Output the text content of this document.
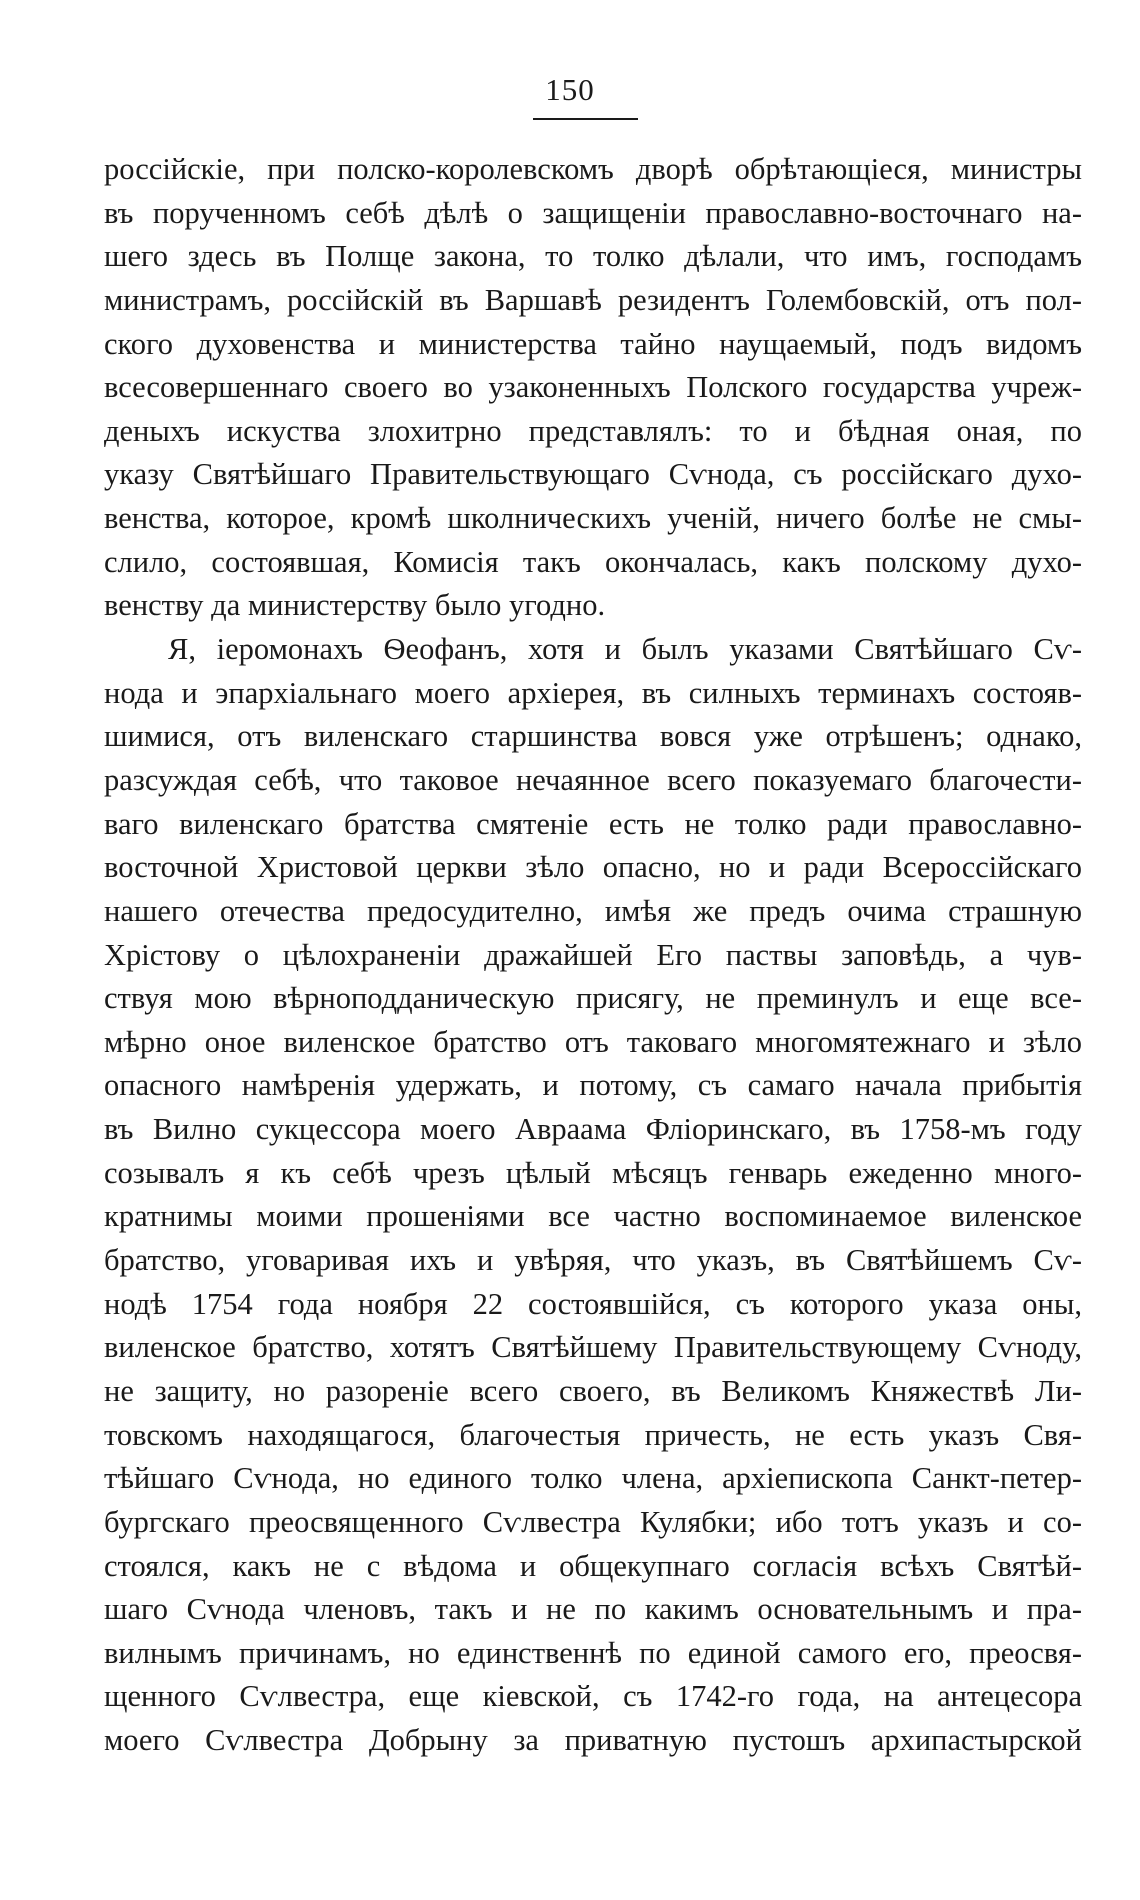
150
россійскіе, при полско-королевскомъ дворѣ обрѣтающіеся, министры
въ порученномъ себѣ дѣлѣ о защищеніи православно-восточнаго на-
шего здесь въ Полще закона, то толко дѣлали, что имъ, господамъ
министрамъ, россійскій въ Варшавѣ резидентъ Голембовскій, отъ пол-
ского духовенства и министерства тайно наущаемый, подъ видомъ
всесовершеннаго своего во узаконенныхъ Полского государства учреж-
деныхъ искуства злохитрно представлялъ: то и бѣдная оная, по
указу Святѣйшаго Правительствующаго Сѵнода, съ россійскаго духо-
венства, которое, кромѣ школническихъ ученій, ничего болѣе не смы-
слило, состоявшая, Комисія такъ окончалась, какъ полскому духо-
венству да министерству было угодно.
Я, іеромонахъ Ѳеофанъ, хотя и былъ указами Святѣйшаго Сѵ-
нода и эпархіальнаго моего архіерея, въ силныхъ терминахъ состояв-
шимися, отъ виленскаго старшинства вовся уже отрѣшенъ; однако,
разсуждая себѣ, что таковое нечаянное всего показуемаго благочести-
ваго виленскаго братства смятеніе есть не толко ради православно-
восточной Христовой церкви зѣло опасно, но и ради Всероссійскаго
нашего отечества предосудително, имѣя же предъ очима страшную
Хрістову о цѣлохраненіи дражайшей Его паствы заповѣдь, а чув-
ствуя мою вѣрноподданическую присягу, не преминулъ и еще все-
мѣрно оное виленское братство отъ таковаго многомятежнаго и зѣло
опасного намѣренія удержать, и потому, съ самаго начала прибытія
въ Вилно сукцессора моего Авраама Фліоринскаго, въ 1758-мъ году
созывалъ я къ себѣ чрезъ цѣлый мѣсяцъ генварь ежеденно много-
кратнимы моими прошеніями все частно воспоминаемое виленское
братство, уговаривая ихъ и увѣряя, что указъ, въ Святѣйшемъ Сѵ-
нодѣ 1754 года ноября 22 состоявшійся, съ которого указа оны,
виленское братство, хотятъ Святѣйшему Правительствующему Сѵноду,
не защиту, но разореніе всего своего, въ Великомъ Княжествѣ Ли-
товскомъ находящагося, благочестыя причесть, не есть указъ Свя-
тѣйшаго Сѵнода, но единого толко члена, архіепископа Санкт-петер-
бургскаго преосвященного Сѵлвестра Кулябки; ибо тотъ указъ и со-
стоялся, какъ не с вѣдома и общекупнаго согласія всѣхъ Святѣй-
шаго Сѵнода членовъ, такъ и не по какимъ основательнымъ и пра-
вилнымъ причинамъ, но единственнѣ по единой самого его, преосвя-
щенного Сѵлвестра, еще кіевской, съ 1742-го года, на антецесора
моего Сѵлвестра Добрыну за приватную пустошъ архипастырской
